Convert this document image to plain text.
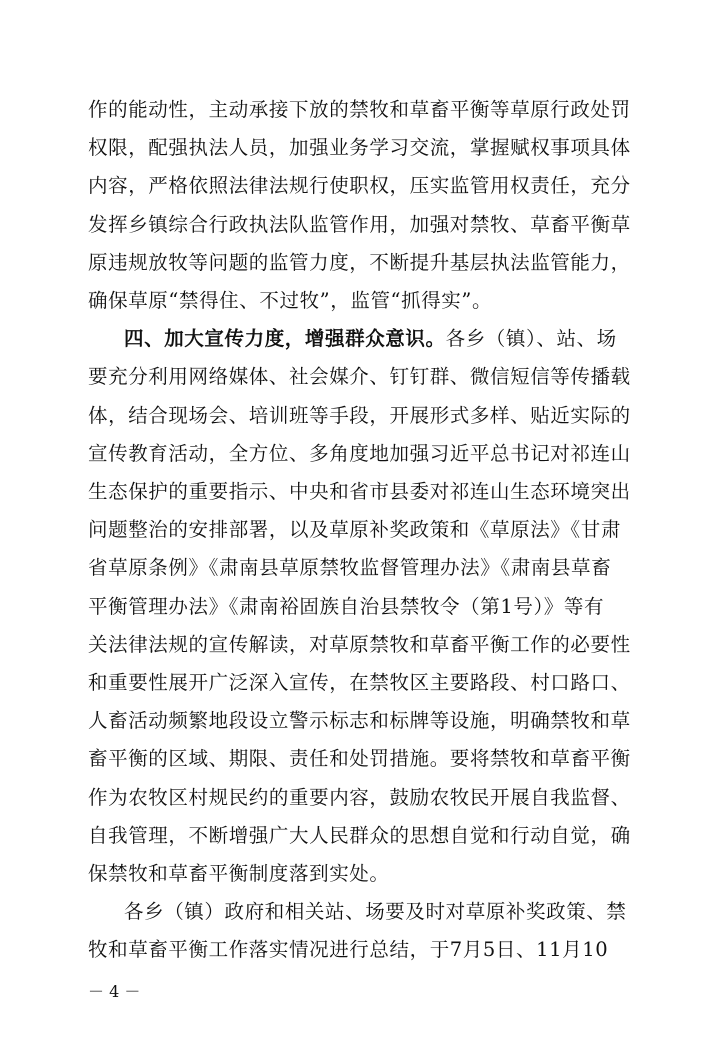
作的能动性，主动承接下放的禁牧和草畜平衡等草原行政处罚
权限，配强执法人员，加强业务学习交流，掌握赋权事项具体
内容，严格依照法律法规行使职权，压实监管用权责任，充分
发挥乡镇综合行政执法队监管作用，加强对禁牧、草畜平衡草
原违规放牧等问题的监管力度，不断提升基层执法监管能力，
确保草原“禁得住、不过牧”，监管“抓得实”。
四、加大宣传力度，增强群众意识。各乡（镇）、站、场
要充分利用网络媒体、社会媒介、钉钉群、微信短信等传播载
体，结合现场会、培训班等手段，开展形式多样、贴近实际的
宣传教育活动，全方位、多角度地加强习近平总书记对祁连山
生态保护的重要指示、中央和省市县委对祁连山生态环境突出
问题整治的安排部署，以及草原补奖政策和《草原法》《甘肃
省草原条例》《肃南县草原禁牧监督管理办法》《肃南县草畜
平衡管理办法》《肃南裕固族自治县禁牧令（第1号）》等有
关法律法规的宣传解读，对草原禁牧和草畜平衡工作的必要性
和重要性展开广泛深入宣传，在禁牧区主要路段、村口路口、
人畜活动频繁地段设立警示标志和标牌等设施，明确禁牧和草
畜平衡的区域、期限、责任和处罚措施。要将禁牧和草畜平衡
作为农牧区村规民约的重要内容，鼓励农牧民开展自我监督、
自我管理，不断增强广大人民群众的思想自觉和行动自觉，确
保禁牧和草畜平衡制度落到实处。
各乡（镇）政府和相关站、场要及时对草原补奖政策、禁
牧和草畜平衡工作落实情况进行总结，于7月5日、11月10
－ 4 －
